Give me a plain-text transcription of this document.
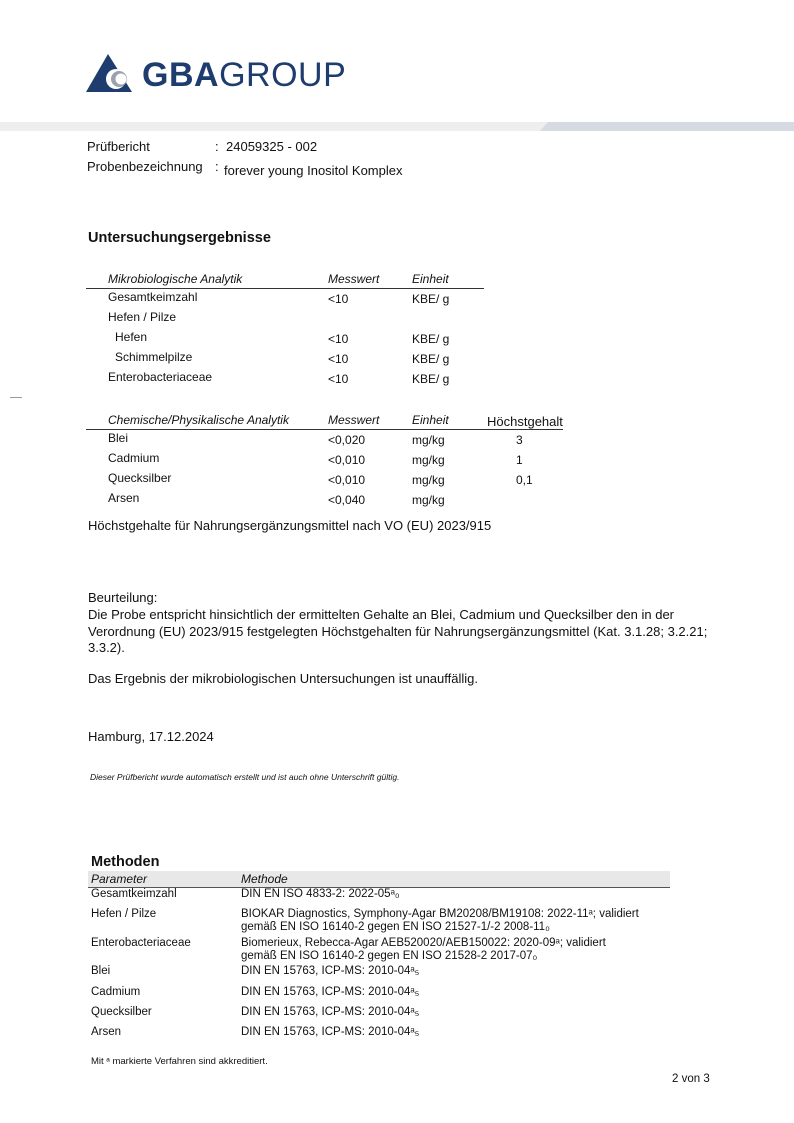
GBAGROUP
Prüfbericht	: 24059325 - 002
Probenbezeichnung : forever young Inositol Komplex
Untersuchungsergebnisse
Mikrobiologische Analytik	Messwert	Einheit
Gesamtkeimzahl	<10	KBE/ g
Hefen / Pilze
Hefen	<10	KBE/ g
Schimmelpilze	<10	KBE/ g
Enterobacteriaceae	<10	KBE/ g
Chemische/Physikalische Analytik	Messwert	Einheit	Höchstgehalt
Blei	<0,020	mg/kg	3
Cadmium	<0,010	mg/kg	1
Quecksilber	<0,010	mg/kg	0,1
Arsen	<0,040	mg/kg
Höchstgehalte für Nahrungsergänzungsmittel nach VO (EU) 2023/915
Beurteilung:
Die Probe entspricht hinsichtlich der ermittelten Gehalte an Blei, Cadmium und Quecksilber den in der
Verordnung (EU) 2023/915 festgelegten Höchstgehalten für Nahrungsergänzungsmittel (Kat. 3.1.28; 3.2.21;
3.3.2).
Das Ergebnis der mikrobiologischen Untersuchungen ist unauffällig.
Hamburg, 17.12.2024
Dieser Prüfbericht wurde automatisch erstellt und ist auch ohne Unterschrift gültig.
Methoden
Parameter	Methode
Gesamtkeimzahl	DIN EN ISO 4833-2: 2022-05ᵃ₀
Hefen / Pilze	BIOKAR Diagnostics, Symphony-Agar BM20208/BM19108: 2022-11ᵃ; validiert
gemäß EN ISO 16140-2 gegen EN ISO 21527-1/-2 2008-11₀
Enterobacteriaceae	Biomerieux, Rebecca-Agar AEB520020/AEB150022: 2020-09ᵃ; validiert
gemäß EN ISO 16140-2 gegen EN ISO 21528-2 2017-07₀
Blei	DIN EN 15763, ICP-MS: 2010-04ᵃ₅
Cadmium	DIN EN 15763, ICP-MS: 2010-04ᵃ₅
Quecksilber	DIN EN 15763, ICP-MS: 2010-04ᵃ₅
Arsen	DIN EN 15763, ICP-MS: 2010-04ᵃ₅
Mit ᵃ markierte Verfahren sind akkreditiert.
2 von 3
